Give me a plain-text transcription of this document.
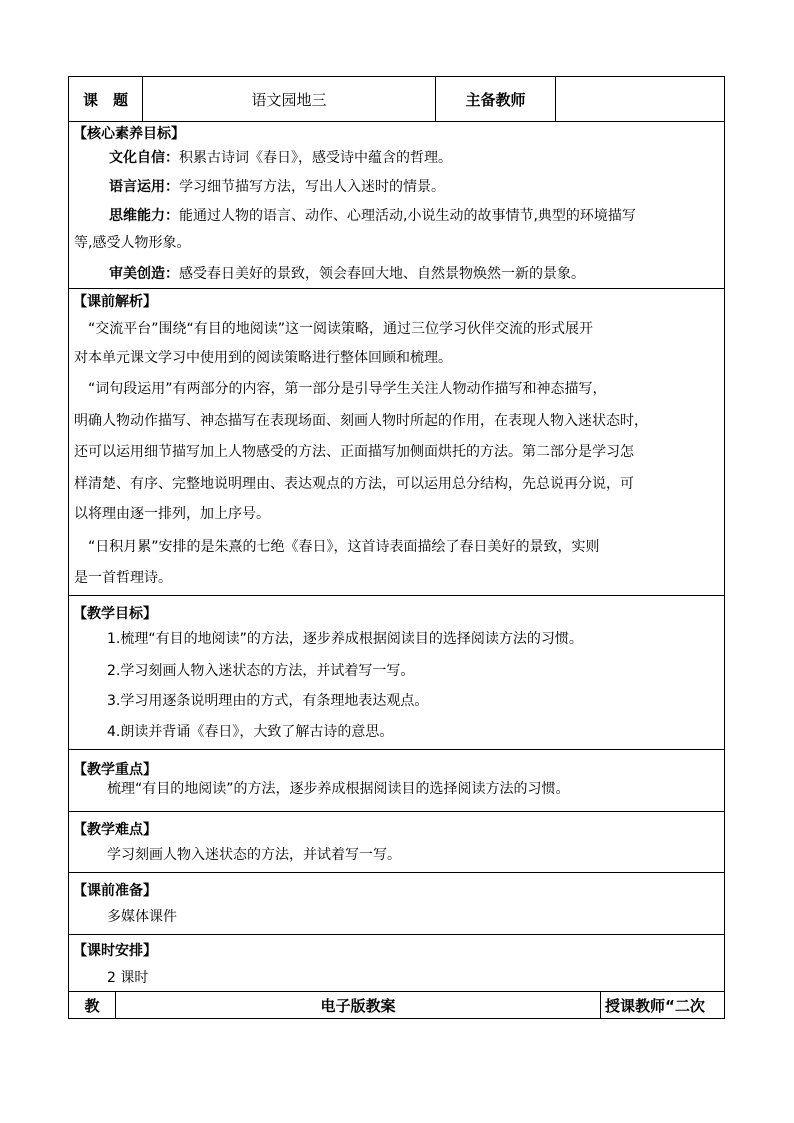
课　题	语文园地三	主备教师
【核心素养目标】
文化自信：积累古诗词《春日》，感受诗中蕴含的哲理。
语言运用：学习细节描写方法，写出人入迷时的情景。
思维能力：能通过人物的语言、动作、心理活动,小说生动的故事情节,典型的环境描写
等,感受人物形象。
审美创造：感受春日美好的景致，领会春回大地、自然景物焕然一新的景象。
【课前解析】
“交流平台”围绕“有目的地阅读”这一阅读策略，通过三位学习伙伴交流的形式展开
对本单元课文学习中使用到的阅读策略进行整体回顾和梳理。
“词句段运用”有两部分的内容，第一部分是引导学生关注人物动作描写和神态描写，
明确人物动作描写、神态描写在表现场面、刻画人物时所起的作用，在表现人物入迷状态时，
还可以运用细节描写加上人物感受的方法、正面描写加侧面烘托的方法。第二部分是学习怎
样清楚、有序、完整地说明理由、表达观点的方法，可以运用总分结构，先总说再分说，可
以将理由逐一排列，加上序号。
“日积月累”安排的是朱熹的七绝《春日》，这首诗表面描绘了春日美好的景致，实则
是一首哲理诗。
【教学目标】
1.梳理“有目的地阅读”的方法，逐步养成根据阅读目的选择阅读方法的习惯。
2.学习刻画人物入迷状态的方法，并试着写一写。
3.学习用逐条说明理由的方式，有条理地表达观点。
4.朗读并背诵《春日》，大致了解古诗的意思。
【教学重点】
梳理“有目的地阅读”的方法，逐步养成根据阅读目的选择阅读方法的习惯。
【教学难点】
学习刻画人物入迷状态的方法，并试着写一写。
【课前准备】
多媒体课件
【课时安排】
2 课时
教	电子版教案	授课教师“二次
